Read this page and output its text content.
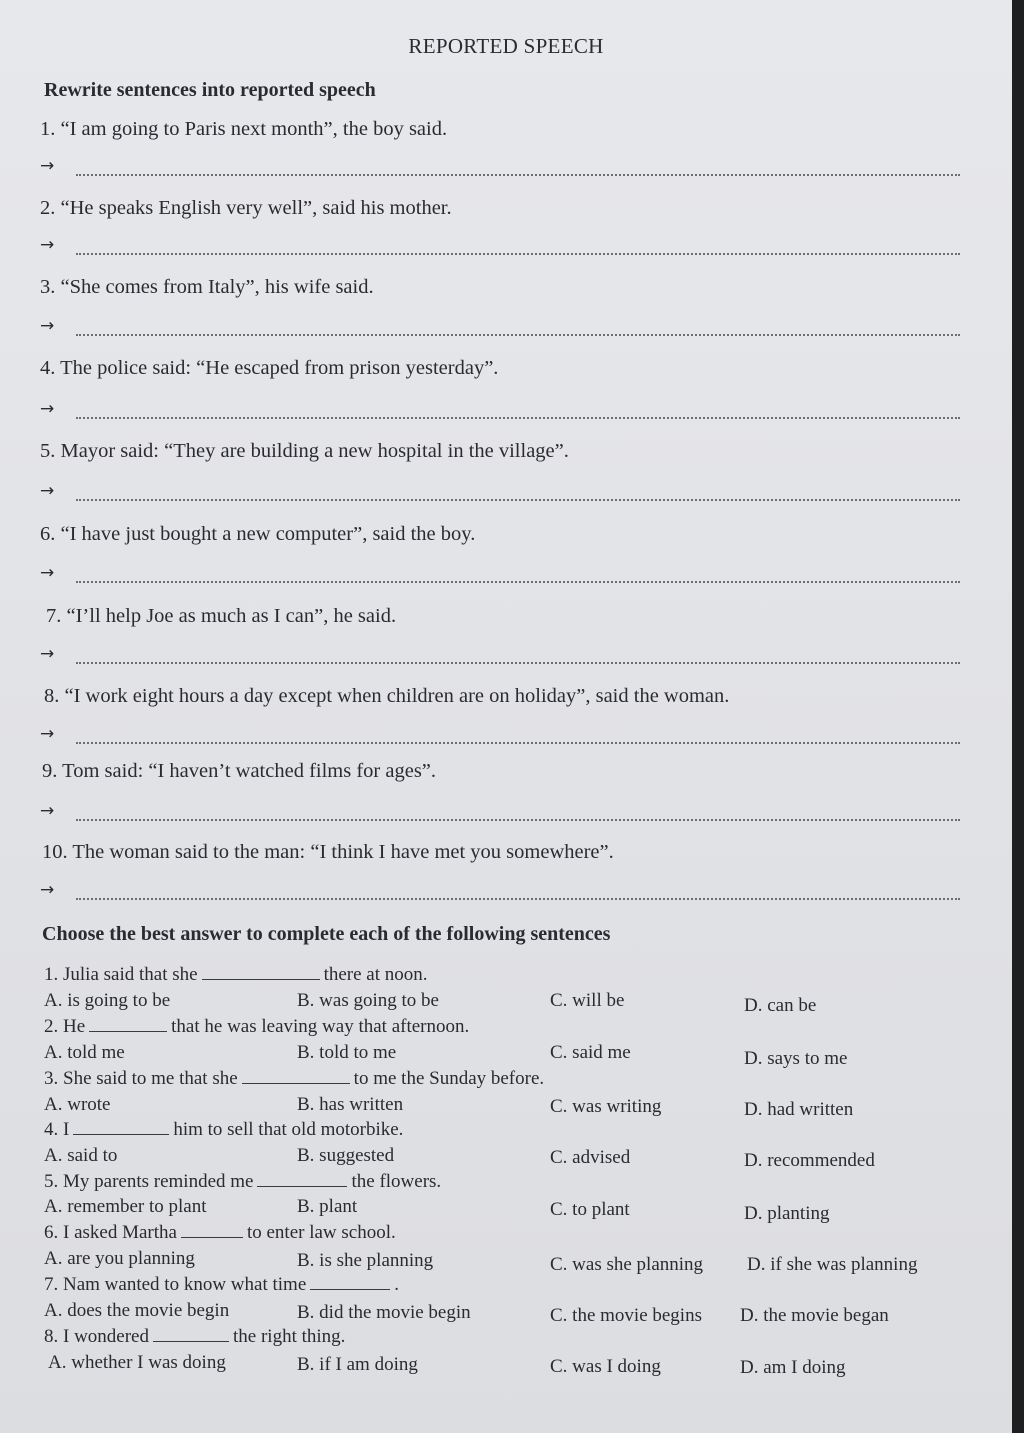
REPORTED SPEECH
Rewrite sentences into reported speech
1. “I am going to Paris next month”, the boy said.
→
2. “He speaks English very well”, said his mother.
→
3. “She comes from Italy”, his wife said.
→
4. The police said: “He escaped from prison yesterday”.
→
5. Mayor said: “They are building a new hospital in the village”.
→
6. “I have just bought a new computer”, said the boy.
→
7. “I’ll help Joe as much as I can”, he said.
→
8. “I work eight hours a day except when children are on holiday”, said the woman.
→
9. Tom said: “I haven’t watched films for ages”.
→
10. The woman said to the man: “I think I have met you somewhere”.
→
Choose the best answer to complete each of the following sentences
1. Julia said that she	there at noon.
A. is going to be	B. was going to be	C. will be	D. can be
2. He	that he was leaving way that afternoon.
A. told me	B. told to me	C. said me	D. says to me
3. She said to me that she	to me the Sunday before.
A. wrote	B. has written	C. was writing	D. had written
4. I	him to sell that old motorbike.
A. said to	B. suggested	C. advised	D. recommended
5. My parents reminded me	the flowers.
A. remember to plant	B. plant	C. to plant	D. planting
6. I asked Martha	to enter law school.
A. are you planning	B. is she planning	C. was she planning D. if she was planning
7. Nam wanted to know what time	.
A. does the movie begin	B. did the movie begin	C. the movie begins D. the movie began
8. I wondered	the right thing.
A. whether I was doing	B. if I am doing	C. was I doing	D. am I doing
